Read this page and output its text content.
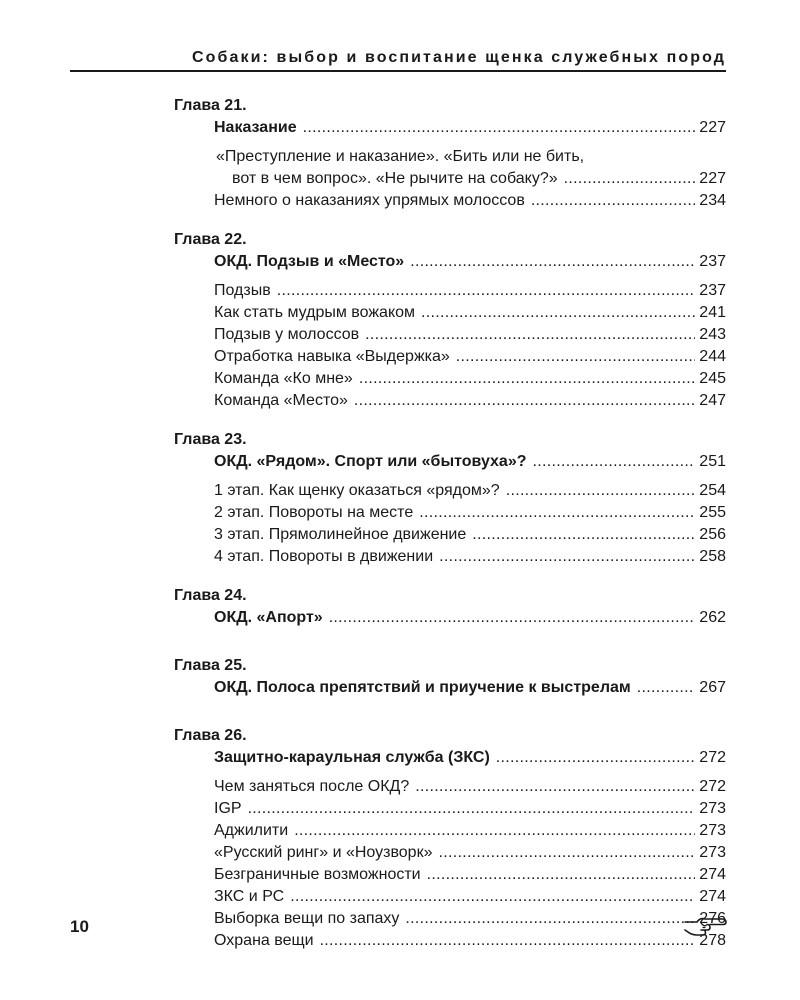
Собаки: выбор и воспитание щенка служебных пород
Глава 21.
Наказание .....	227
«Преступление и наказание». «Бить или не бить,
вот в чем вопрос». «Не рычите на собаку?» .....	227
Немного о наказаниях упрямых молоссов .....	234
Глава 22.
ОКД. Подзыв и «Место» .....	237
Подзыв .....	237
Как стать мудрым вожаком .....	241
Подзыв у молоссов .....	243
Отработка навыка «Выдержка» .....	244
Команда «Ко мне» .....	245
Команда «Место» .....	247
Глава 23.
ОКД. «Рядом». Спорт или «бытовуха»? .....	251
1 этап. Как щенку оказаться «рядом»? .....	254
2 этап. Повороты на месте .....	255
3 этап. Прямолинейное движение .....	256
4 этап. Повороты в движении .....	258
Глава 24.
ОКД. «Апорт» .....	262
Глава 25.
ОКД. Полоса препятствий и приучение к выстрелам .....	267
Глава 26.
Защитно-караульная служба (ЗКС) .....	272
Чем заняться после ОКД? .....	272
IGP .....	273
Аджилити .....	273
«Русский ринг» и «Ноузворк» .....	273
Безграничные возможности .....	274
ЗКС и РС .....	274
Выборка вещи по запаху .....	276
Охрана вещи .....	278
10
